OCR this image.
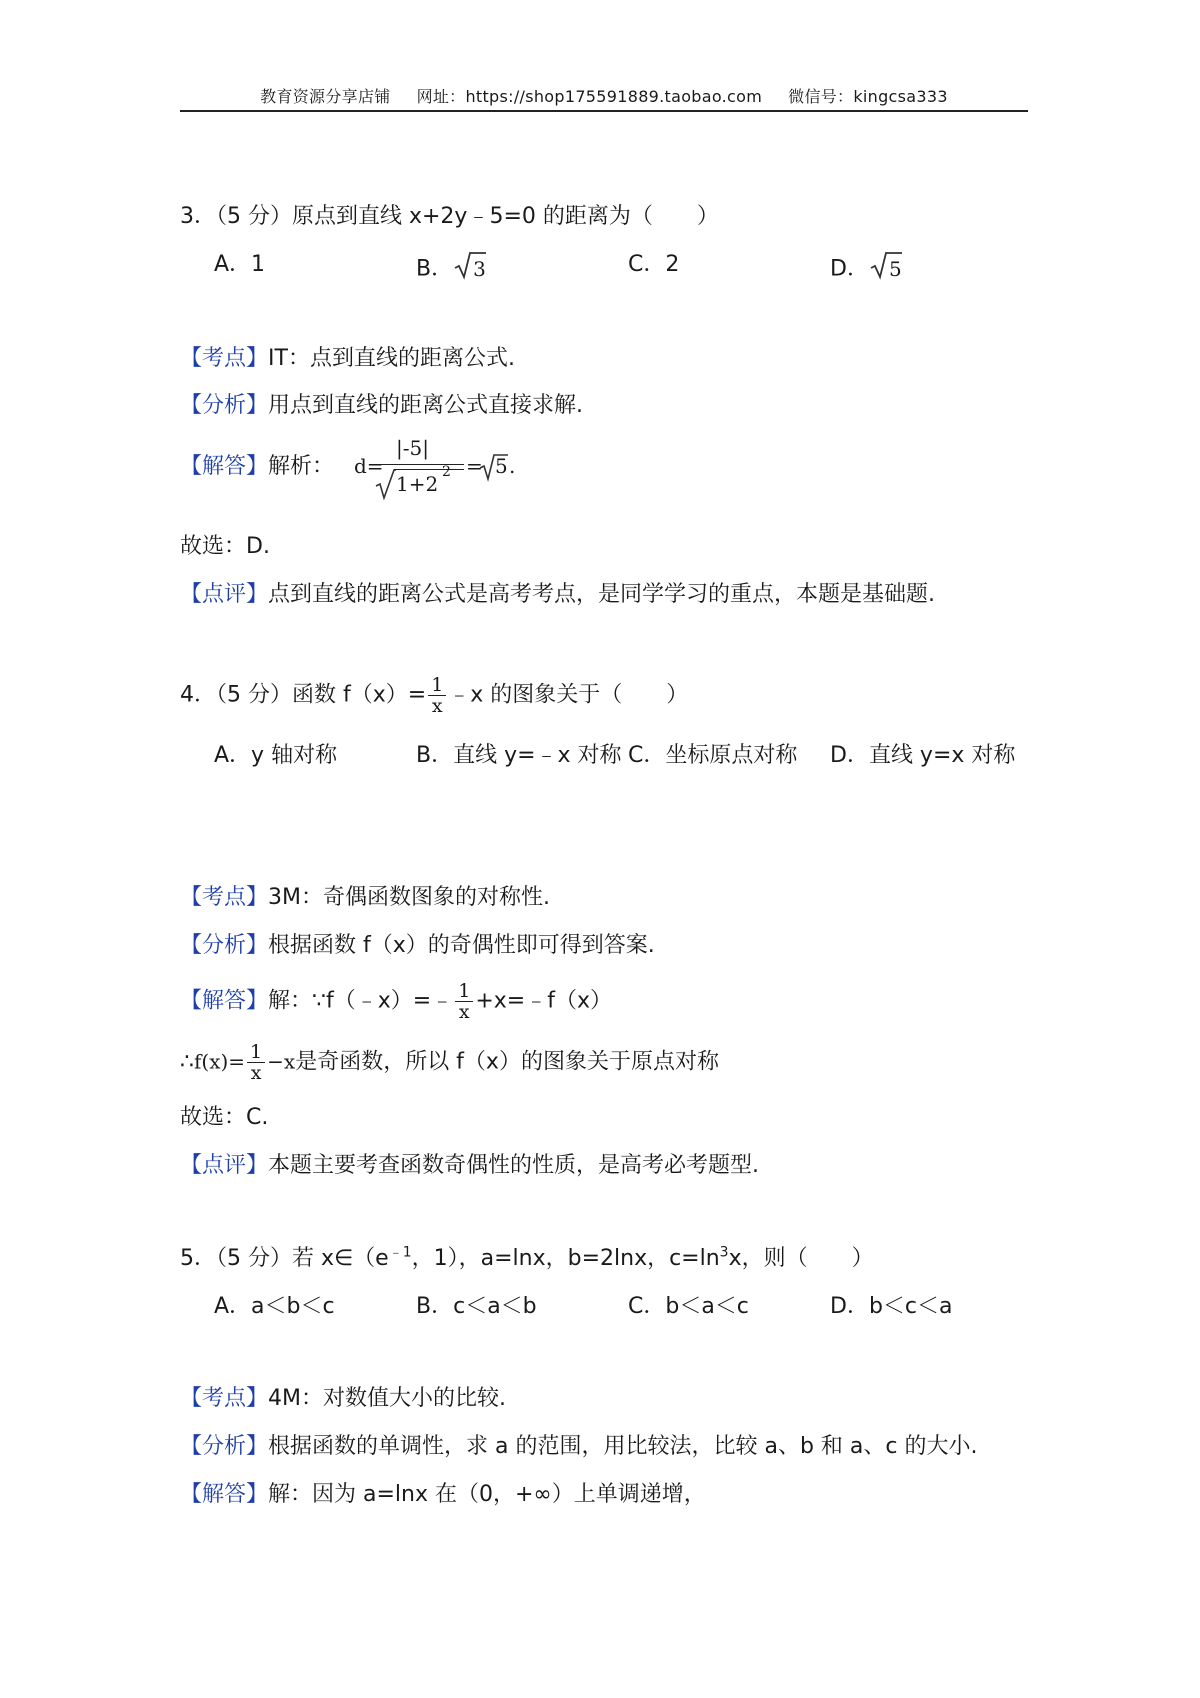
教育资源分享店铺 网址：https://shop175591889.taobao.com 微信号：kingcsa333
3．（5 分）原点到直线 x+2y﹣5=0 的距离为（　　）
A．1	B． 3	C．2	D． 5
【考点】IT：点到直线的距离公式.
【分析】用点到直线的距离公式直接求解.
【解答】解析： d=
|-5|
1+2 2 = 5 .
故选：D.
【点评】点到直线的距离公式是高考考点，是同学学习的重点，本题是基础题.
4．（5 分）函数 $f(x)= \frac{1}{x}$ ﹣x 的图象关于（　　）
A．y 轴对称	B．直线 y=﹣x 对称 C．坐标原点对称 D．直线 y=x 对称
【考点】3M：奇偶函数图象的对称性.
【分析】根据函数 f（x）的奇偶性即可得到答案.
【解答】解：∵f（﹣x）=﹣ $\frac{1}{x}$ +x=﹣f（x）
∴f(x)= $\frac{1}{x} -x$是奇函数，所以 f（x）的图象关于原点对称
故选：C.
【点评】本题主要考查函数奇偶性的性质，是高考必考题型.
5．（5 分）若 $x\in(e^{﹣1}$，1），a=lnx，b=2lnx，$c=\ln^3x$，则（　　）
A．a＜b＜c	B．c＜a＜b	C．b＜a＜c	D．b＜c＜a
【考点】4M：对数值大小的比较.
【分析】根据函数的单调性，求 a 的范围，用比较法，比较 a、b 和 a、c 的大小.
【解答】解：因为 a=lnx 在（0，+∞）上单调递增，
